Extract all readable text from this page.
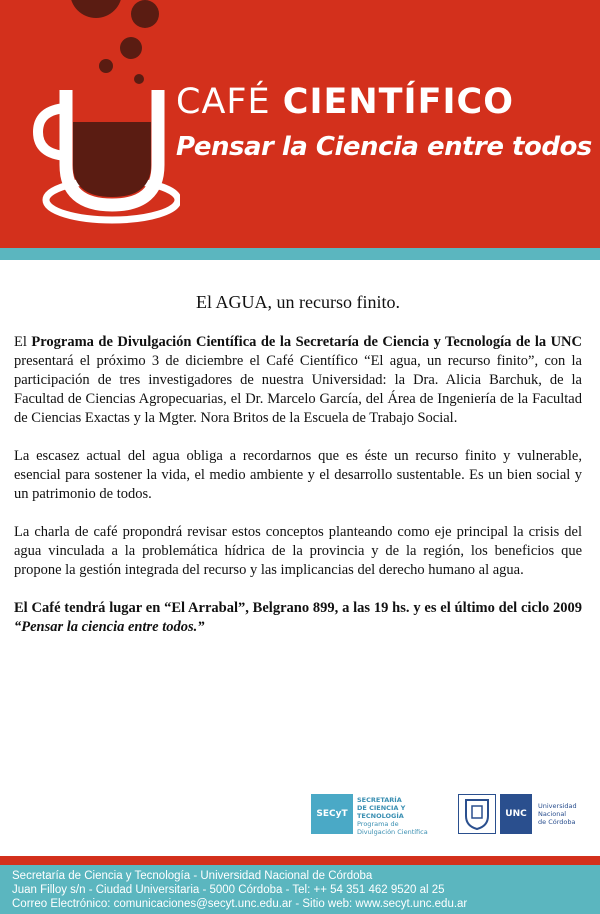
CAFÉ CIENTÍFICO
Pensar la Ciencia entre todos
El AGUA, un recurso finito.

El Programa de Divulgación Científica de la Secretaría de Ciencia y Tecnología de la UNC presentará el próximo 3 de diciembre el Café Científico “El agua, un recurso finito”, con la participación de tres investigadores de nuestra Universidad: la Dra. Alicia Barchuk, de la Facultad de Ciencias Agropecuarias, el Dr. Marcelo García, del Área de Ingeniería de la Facultad de Ciencias Exactas y la Mgter. Nora Britos de la Escuela de Trabajo Social.

La escasez actual del agua obliga a recordarnos que es éste un recurso finito y vulnerable, esencial para sostener la vida, el medio ambiente y el desarrollo sustentable. Es un bien social y un patrimonio de todos.

La charla de café propondrá revisar estos conceptos planteando como eje principal la crisis del agua vinculada a la problemática hídrica de la provincia y de la región, los beneficios que propone la gestión integrada del recurso y las implicancias del derecho humano al agua.

El Café tendrá lugar en “El Arrabal”, Belgrano 899, a las 19 hs. y es el último del ciclo 2009 “Pensar la ciencia entre todos.”

SECyT
SECRETARÍA
DE CIENCIA Y
TECNOLOGÍA
Programa de
Divulgación Científica
UNC
Universidad
Nacional
de Córdoba
Secretaría de Ciencia y Tecnología - Universidad Nacional de Córdoba
Juan Filloy s/n - Ciudad Universitaria - 5000 Córdoba - Tel: ++ 54 351 462 9520 al 25
Correo Electrónico: comunicaciones@secyt.unc.edu.ar - Sitio web: www.secyt.unc.edu.ar
